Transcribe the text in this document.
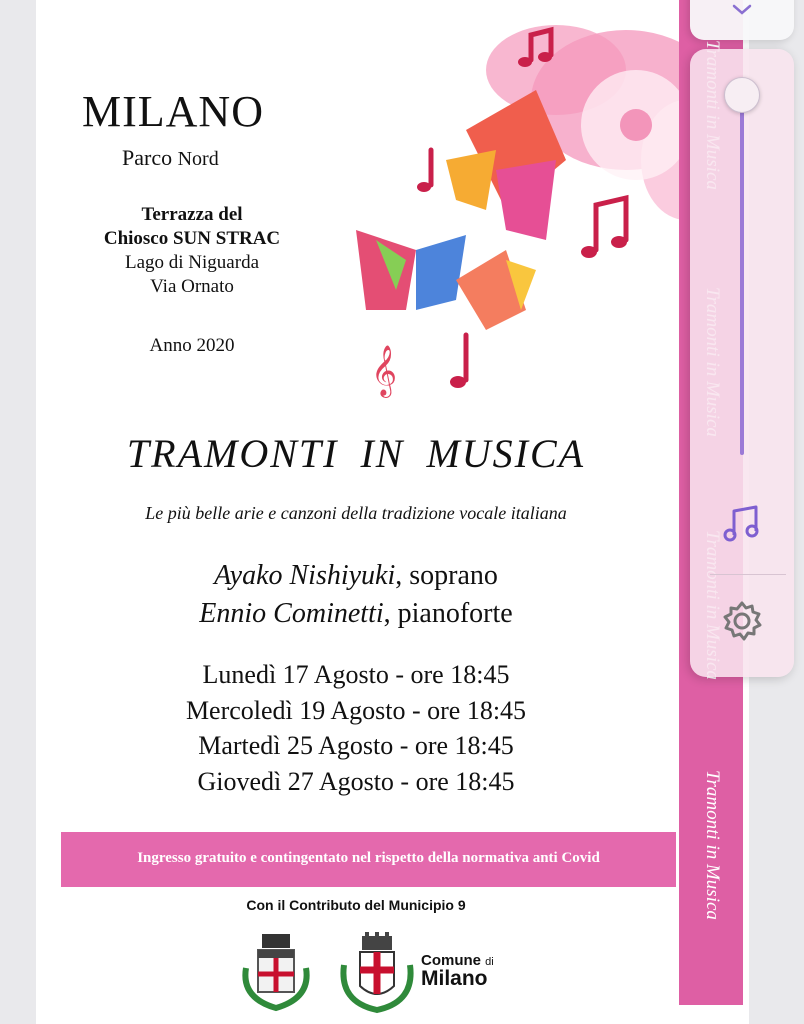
𝄞
MILANO
Parco Nord
Terrazza del
Chiosco SUN STRAC
Lago di Niguarda
Via Ornato
Anno 2020
TRAMONTI IN MUSICA
Le più belle arie e canzoni della tradizione vocale italiana
Ayako Nishiyuki, soprano
Ennio Cominetti, pianoforte
Lunedì 17 Agosto - ore 18:45
Mercoledì 19 Agosto - ore 18:45
Martedì 25 Agosto - ore 18:45
Giovedì 27 Agosto - ore 18:45
Ingresso gratuito e contingentato nel rispetto della normativa anti Covid
Con il Contributo del Municipio 9
Comune di
Milano
Tramonti in Musica
